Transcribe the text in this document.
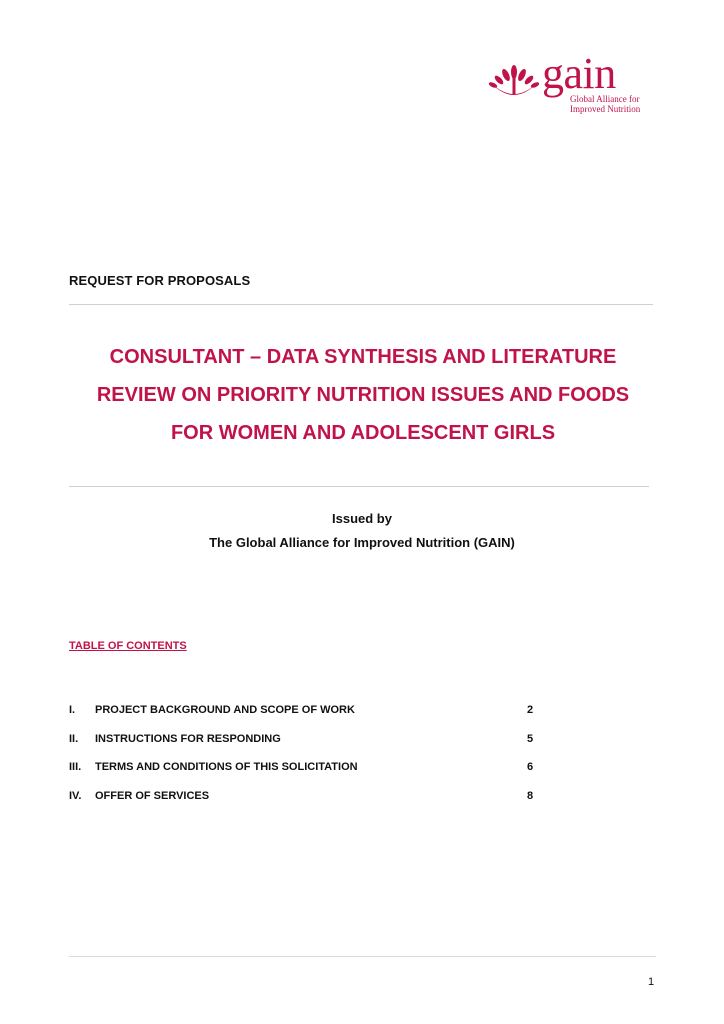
gain
Global Alliance for
Improved Nutrition
REQUEST FOR PROPOSALS
CONSULTANT – DATA SYNTHESIS AND LITERATURE
REVIEW ON PRIORITY NUTRITION ISSUES AND FOODS
FOR WOMEN AND ADOLESCENT GIRLS
Issued by
The Global Alliance for Improved Nutrition (GAIN)
TABLE OF CONTENTS
I. PROJECT BACKGROUND AND SCOPE OF WORK	2
II. INSTRUCTIONS FOR RESPONDING	5
III. TERMS AND CONDITIONS OF THIS SOLICITATION	6
IV. OFFER OF SERVICES	8
1
